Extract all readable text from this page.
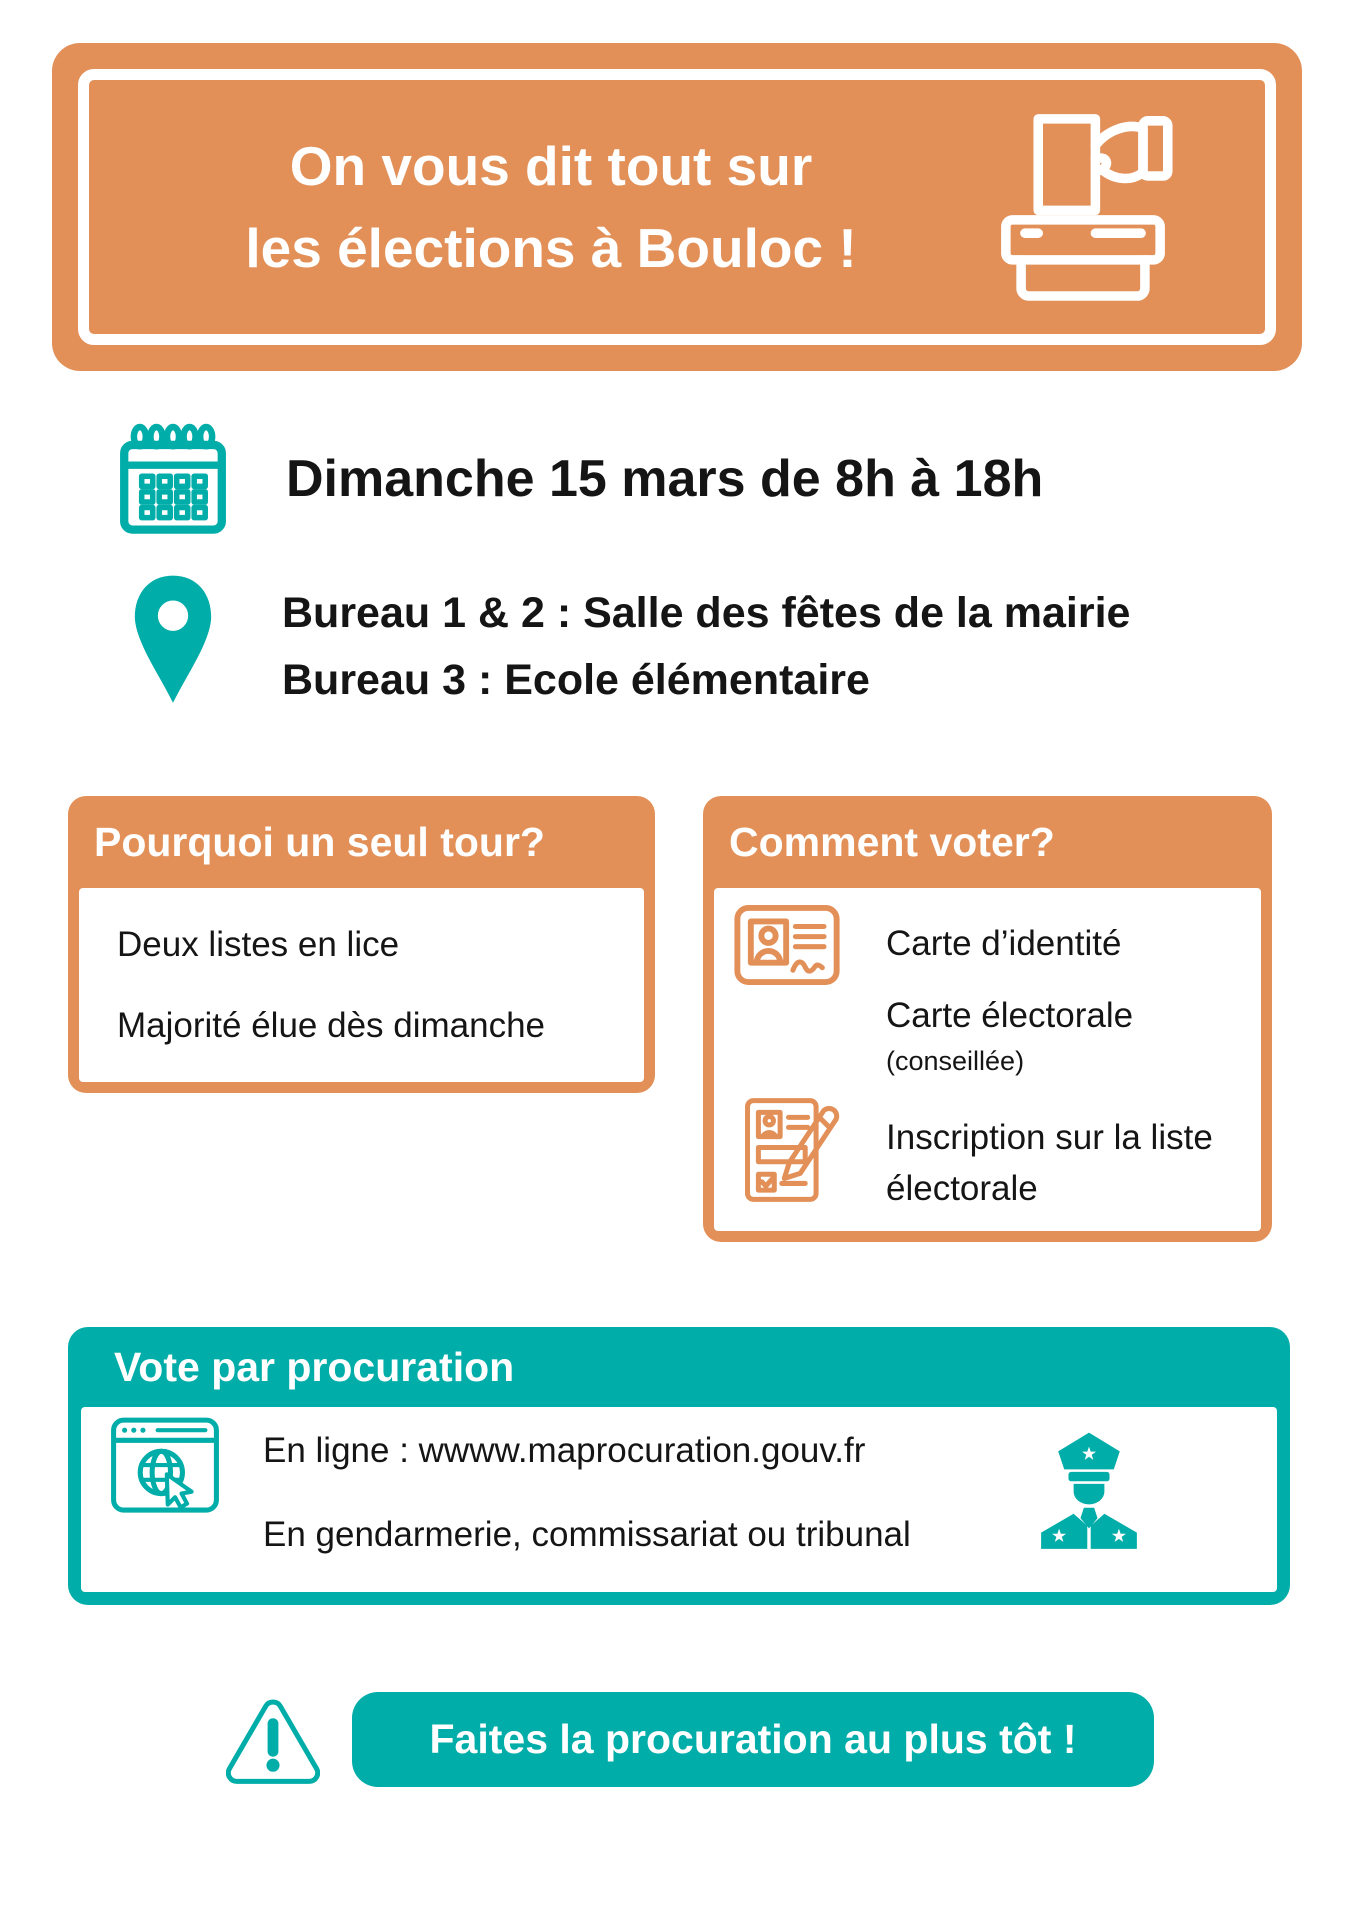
On vous dit tout sur
les élections à Bouloc !
Dimanche 15 mars de 8h à 18h
Bureau 1 & 2 : Salle des fêtes de la mairie
Bureau 3 : Ecole élémentaire
Pourquoi un seul tour?
Deux listes en lice
Majorité élue dès dimanche
Comment voter?
Carte d’identité
Carte électorale
(conseillée)
Inscription sur la liste électorale
Vote par procuration
En ligne : wwww.maprocuration.gouv.fr
En gendarmerie, commissariat ou tribunal
Faites la procuration au plus tôt !
